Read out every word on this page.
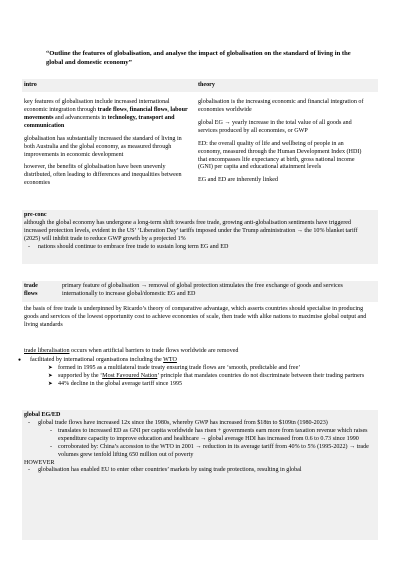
“Outline the features of globalisation, and analyse the impact of globalisation on the standard of living in the global and domestic economy”
intro	theory

key features of globalisation include increased international economic integration through trade flows, financial flows, labour movements and advancements in technology, transport and communication

globalisation has substantially increased the standard of living in both Australia and the global economy, as measured through improvements in economic development

however, the benefits of globalisation have been unevenly distributed, often leading to differences and inequalities between economies

globalisation is the increasing economic and financial integration of economies worldwide

global EG → yearly increase in the total value of all goods and services produced by all economies, or GWP

ED: the overall quality of life and wellbeing of people in an economy, measured through the Human Development Index (HDI) that encompasses life expectancy at birth, gross national income (GNI) per capita and educational attainment levels

EG and ED are inherently linked

pre-conc
although the global economy has undergone a long-term shift towards free trade, growing anti-globalisation sentiments have triggered increased protection levels, evident in the US’ ‘Liberation Day’ tariffs imposed under the Trump administration → the 10% blanket tariff (2025) will inhibit trade to reduce GWP growth by a projected 1%
- nations should continue to embrace free trade to sustain long term EG and ED
trade flows
primary feature of globalisation → removal of global protection stimulates the free exchange of goods and services internationally to increase global/domestic EG and ED
the basis of free trade is underpinned by Ricardo’s theory of comparative advantage, which asserts countries should specialise in producing goods and services of the lowest opportunity cost to achieve economies of scale, then trade with alike nations to maximise global output and living standards
trade liberalisation occurs when artificial barriers to trade flows worldwide are removed
● facilitated by international organisations including the WTO
➤ formed in 1995 as a multilateral trade treaty ensuring trade flows are ‘smooth, predictable and free’
➤ supported by the ‘Most Favoured Nation’ principle that mandates countries do not discriminate between their trading partners
➤ 44% decline in the global average tariff since 1995
global EG/ED
- global trade flows have increased 12x since the 1980s, whereby GWP has increased from $18tn to $109tn (1980-2023)
- translates to increased ED as GNI per capita worldwide has risen + governments earn more from taxation revenue which raises expenditure capacity to improve education and healthcare → global average HDI has increased from 0.6 to 0.73 since 1990
- corroborated by: China’s accession to the WTO in 2001 → reduction in its average tariff from 40% to 5% (1995-2022) → trade volumes grew tenfold lifting 650 million out of poverty
HOWEVER
- globalisation has enabled EU to enter other countries’ markets by using trade protections, resulting in global
